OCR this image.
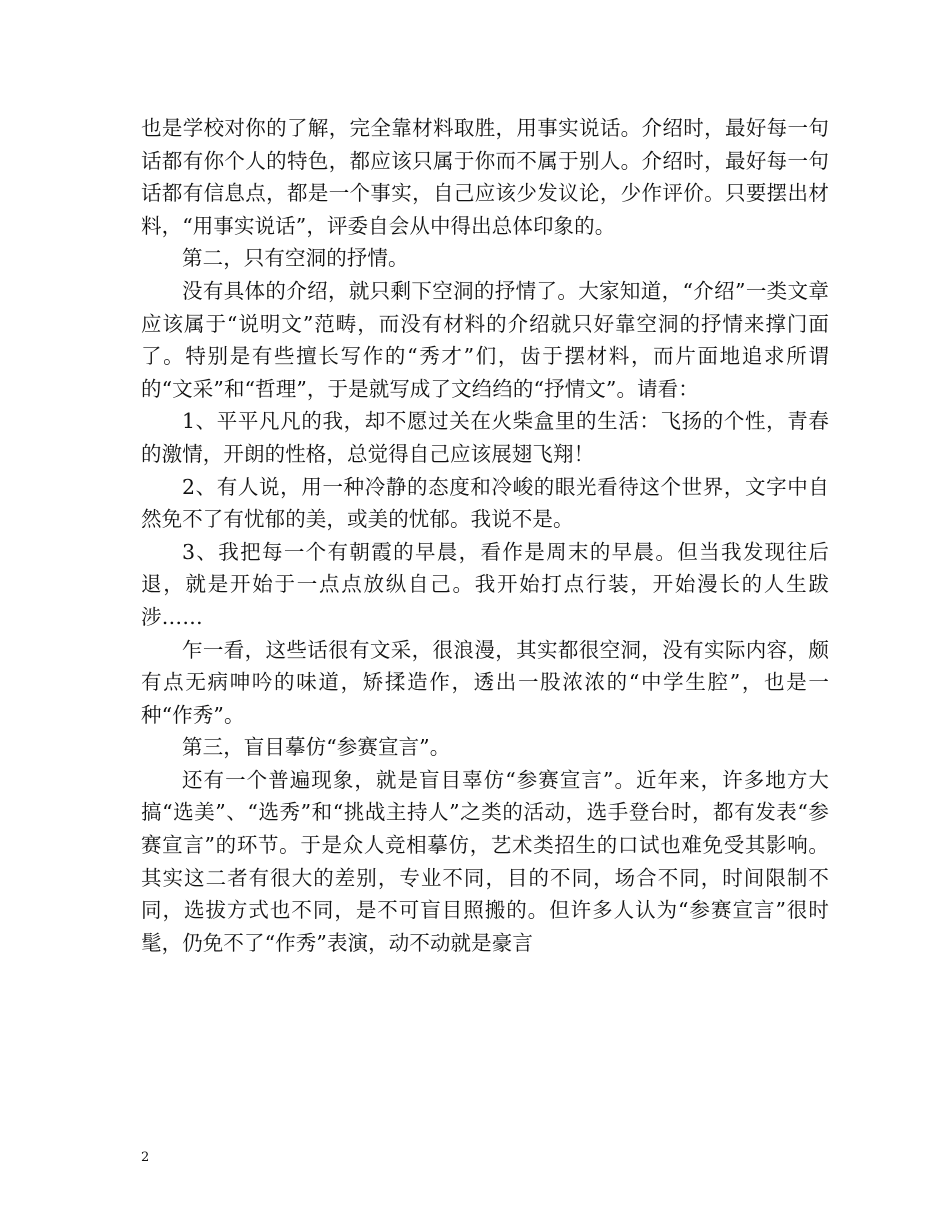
也是学校对你的了解，完全靠材料取胜，用事实说话。介绍时，最好每一句话都有你个人的特色，都应该只属于你而不属于别人。介绍时，最好每一句话都有信息点，都是一个事实，自己应该少发议论，少作评价。只要摆出材料，“用事实说话”，评委自会从中得出总体印象的。

第二，只有空洞的抒情。

没有具体的介绍，就只剩下空洞的抒情了。大家知道，“介绍”一类文章应该属于“说明文”范畴，而没有材料的介绍就只好靠空洞的抒情来撑门面了。特别是有些擅长写作的“秀才”们，齿于摆材料，而片面地追求所谓的“文采”和“哲理”，于是就写成了文绉绉的“抒情文”。请看：

1、平平凡凡的我，却不愿过关在火柴盒里的生活：飞扬的个性，青春的激情，开朗的性格，总觉得自己应该展翅飞翔！

2、有人说，用一种冷静的态度和冷峻的眼光看待这个世界，文字中自然免不了有忧郁的美，或美的忧郁。我说不是。

3、我把每一个有朝霞的早晨，看作是周末的早晨。但当我发现往后退，就是开始于一点点放纵自己。我开始打点行装，开始漫长的人生跋涉……

乍一看，这些话很有文采，很浪漫，其实都很空洞，没有实际内容，颇有点无病呻吟的味道，矫揉造作，透出一股浓浓的“中学生腔”，也是一种“作秀”。

第三，盲目摹仿“参赛宣言”。

还有一个普遍现象，就是盲目辜仿“参赛宣言”。近年来，许多地方大搞“选美”、“选秀”和“挑战主持人”之类的活动，选手登台时，都有发表“参赛宣言”的环节。于是众人竞相摹仿，艺术类招生的口试也难免受其影响。其实这二者有很大的差别，专业不同，目的不同，场合不同，时间限制不同，选拔方式也不同，是不可盲目照搬的。但许多人认为“参赛宣言”很时髦，仍免不了“作秀”表演，动不动就是豪言

2
